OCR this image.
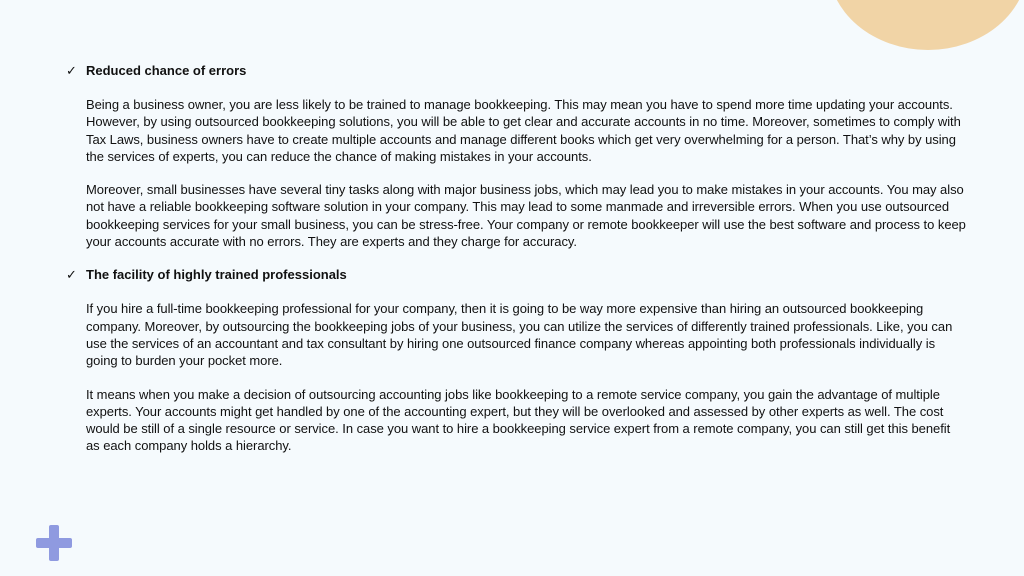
✓ Reduced chance of errors

Being a business owner, you are less likely to be trained to manage bookkeeping. This may mean you have to spend more time updating your accounts. However, by using outsourced bookkeeping solutions, you will be able to get clear and accurate accounts in no time. Moreover, sometimes to comply with Tax Laws, business owners have to create multiple accounts and manage different books which get very overwhelming for a person. That’s why by using the services of experts, you can reduce the chance of making mistakes in your accounts.

Moreover, small businesses have several tiny tasks along with major business jobs, which may lead you to make mistakes in your accounts. You may also not have a reliable bookkeeping software solution in your company. This may lead to some manmade and irreversible errors. When you use outsourced bookkeeping services for your small business, you can be stress-free. Your company or remote bookkeeper will use the best software and process to keep your accounts accurate with no errors. They are experts and they charge for accuracy.

✓ The facility of highly trained professionals

If you hire a full-time bookkeeping professional for your company, then it is going to be way more expensive than hiring an outsourced bookkeeping company. Moreover, by outsourcing the bookkeeping jobs of your business, you can utilize the services of differently trained professionals. Like, you can use the services of an accountant and tax consultant by hiring one outsourced finance company whereas appointing both professionals individually is going to burden your pocket more.

It means when you make a decision of outsourcing accounting jobs like bookkeeping to a remote service company, you gain the advantage of multiple experts. Your accounts might get handled by one of the accounting expert, but they will be overlooked and assessed by other experts as well. The cost would be still of a single resource or service. In case you want to hire a bookkeeping service expert from a remote company, you can still get this benefit as each company holds a hierarchy.
